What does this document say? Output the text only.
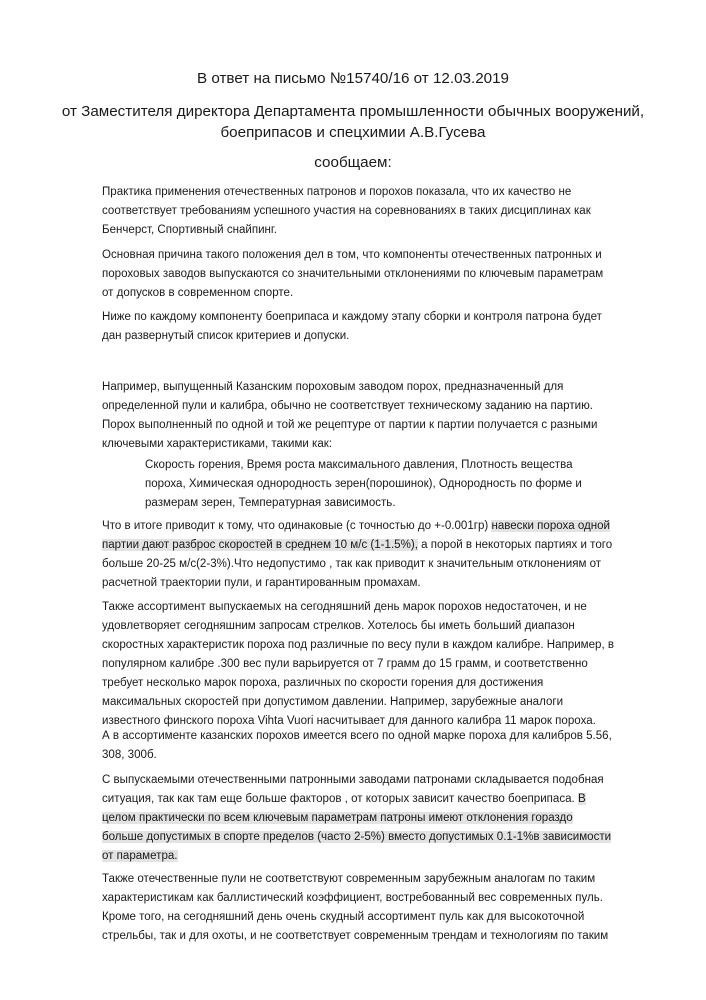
В ответ на письмо №15740/16 от 12.03.2019

от Заместителя директора Департамента промышленности обычных вооружений, боеприпасов и спецхимии А.В.Гусева

сообщаем:

Практика применения отечественных патронов и порохов показала, что их качество не соответствует требованиям успешного участия на соревнованиях в таких дисциплинах как Бенчерст, Спортивный снайпинг.

Основная причина такого положения дел в том, что компоненты отечественных патронных и пороховых заводов выпускаются со значительными отклонениями по ключевым параметрам от допусков в современном спорте.

Ниже по каждому компоненту боеприпаса и каждому этапу сборки и контроля патрона будет дан развернутый список критериев и допуски.

Например, выпущенный Казанским пороховым заводом порох, предназначенный для определенной пули и калибра, обычно не соответствует техническому заданию на партию. Порох выполненный по одной и той же рецептуре от партии к партии получается с разными ключевыми характеристиками, такими как:

Скорость горения, Время роста максимального давления, Плотность вещества пороха, Химическая однородность зерен(порошинок), Однородность по форме и размерам зерен, Температурная зависимость.

Что в итоге приводит к тому, что одинаковые (с точностью до +-0.001гр) навески пороха одной партии дают разброс скоростей в среднем 10 м/с (1-1.5%), а порой в некоторых партиях и того больше 20-25 м/с(2-3%).Что недопустимо , так как приводит к значительным отклонениям от расчетной траектории пули, и гарантированным промахам.

Также ассортимент выпускаемых на сегодняшний день марок порохов недостаточен, и не удовлетворяет сегодняшним запросам стрелков. Хотелось бы иметь больший диапазон скоростных характеристик пороха под различные по весу пули в каждом калибре. Например, в популярном калибре .300 вес пули варьируется от 7 грамм до 15 грамм, и соответственно требует несколько марок пороха, различных по скорости горения для достижения максимальных скоростей при допустимом давлении. Например, зарубежные аналоги известного финского пороха Vihta Vuori насчитывает для данного калибра 11 марок пороха.

А в ассортименте казанских порохов имеется всего по одной марке пороха для калибров 5.56, 308, 300б.

С выпускаемыми отечественными патронными заводами патронами складывается подобная ситуация, так как там еще больше факторов , от которых зависит качество боеприпаса. В целом практически по всем ключевым параметрам патроны имеют отклонения гораздо больше допустимых в спорте пределов (часто 2-5%) вместо допустимых 0.1-1%в зависимости от параметра.

Также отечественные пули не соответствуют современным зарубежным аналогам по таким характеристикам как баллистический коэффициент, востребованный вес современных пуль. Кроме того, на сегодняшний день очень скудный ассортимент пуль как для высокоточной стрельбы, так и для охоты, и не соответствует современным трендам и технологиям по таким
